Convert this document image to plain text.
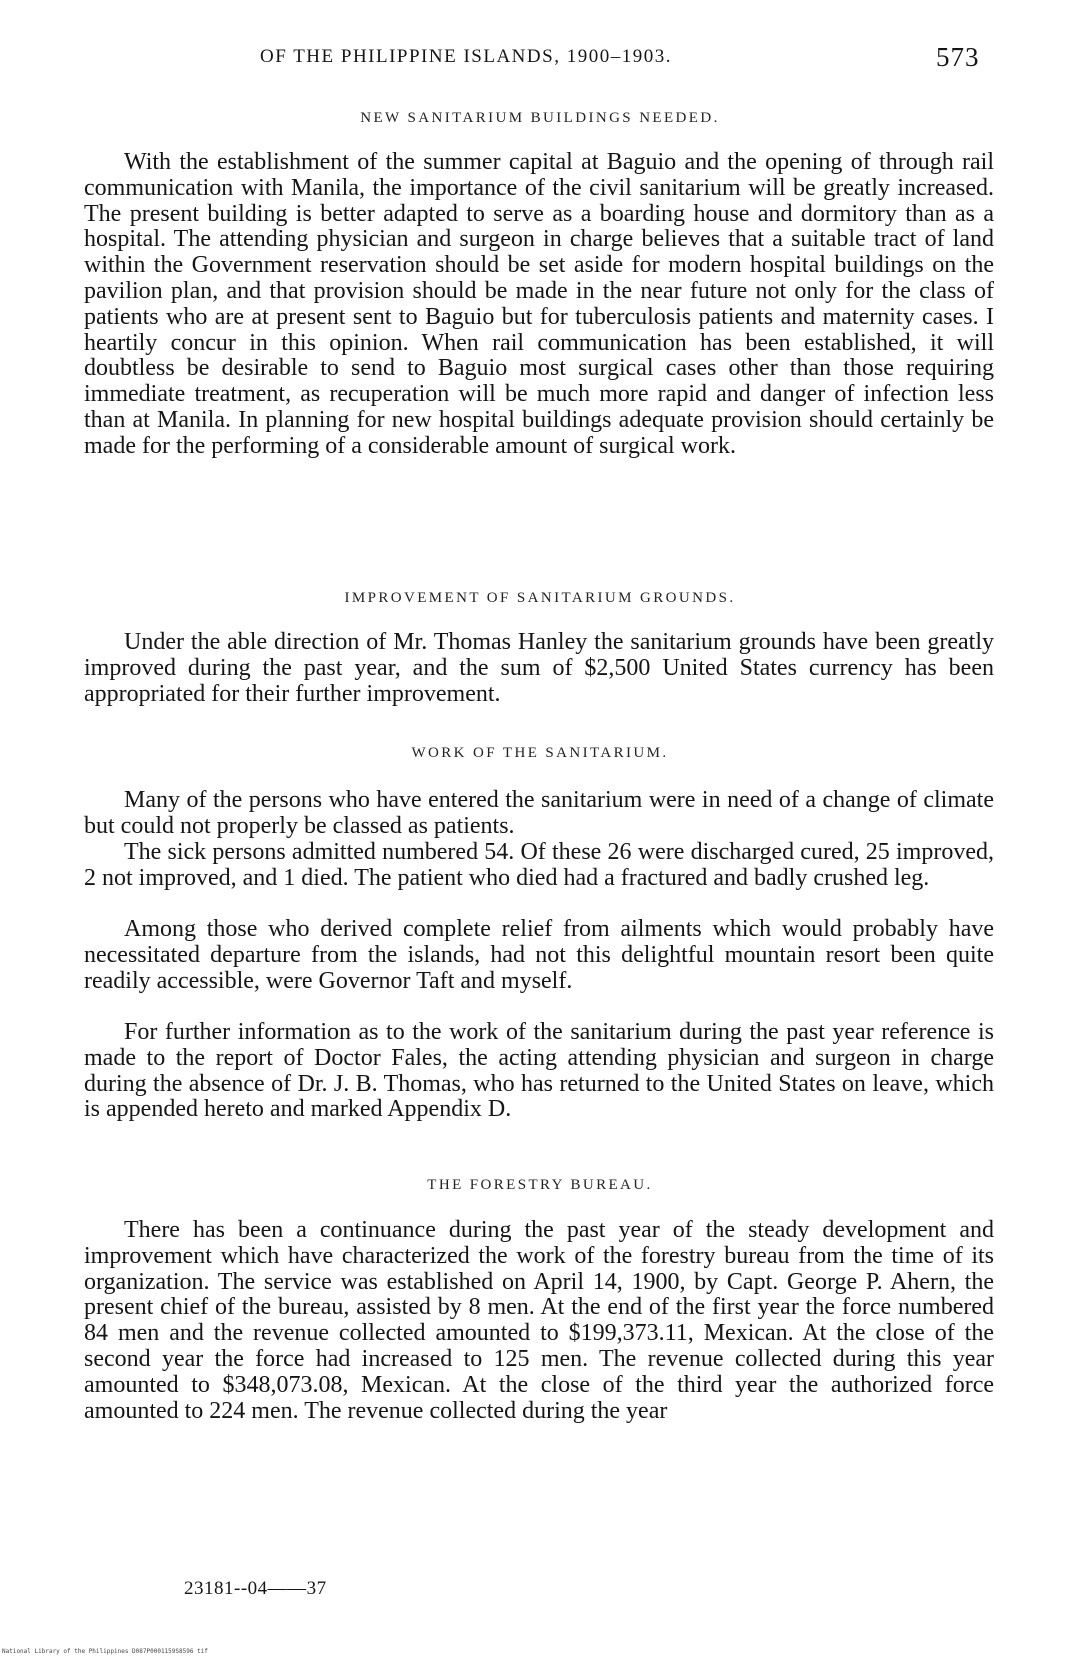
OF THE PHILIPPINE ISLANDS, 1900–1903.	573
NEW SANITARIUM BUILDINGS NEEDED.

With the establishment of the summer capital at Baguio and the opening of through rail communication with Manila, the importance of the civil sanitarium will be greatly increased. The present building is better adapted to serve as a boarding house and dormitory than as a hospital. The attending physician and surgeon in charge believes that a suitable tract of land within the Government reservation should be set aside for modern hospital buildings on the pavilion plan, and that provision should be made in the near future not only for the class of patients who are at present sent to Baguio but for tuberculosis patients and maternity cases. I heartily concur in this opinion. When rail communication has been established, it will doubtless be desirable to send to Baguio most surgical cases other than those requiring immediate treatment, as recuperation will be much more rapid and danger of infection less than at Manila. In planning for new hospital buildings adequate provision should certainly be made for the performing of a considerable amount of surgical work.

IMPROVEMENT OF SANITARIUM GROUNDS.

Under the able direction of Mr. Thomas Hanley the sanitarium grounds have been greatly improved during the past year, and the sum of $2,500 United States currency has been appropriated for their further improvement.

WORK OF THE SANITARIUM.

Many of the persons who have entered the sanitarium were in need of a change of climate but could not properly be classed as patients.

The sick persons admitted numbered 54. Of these 26 were discharged cured, 25 improved, 2 not improved, and 1 died. The patient who died had a fractured and badly crushed leg.

Among those who derived complete relief from ailments which would probably have necessitated departure from the islands, had not this delightful mountain resort been quite readily accessible, were Governor Taft and myself.

For further information as to the work of the sanitarium during the past year reference is made to the report of Doctor Fales, the acting attending physician and surgeon in charge during the absence of Dr. J. B. Thomas, who has returned to the United States on leave, which is appended hereto and marked Appendix D.

THE FORESTRY BUREAU.

There has been a continuance during the past year of the steady development and improvement which have characterized the work of the forestry bureau from the time of its organization. The service was established on April 14, 1900, by Capt. George P. Ahern, the present chief of the bureau, assisted by 8 men. At the end of the first year the force numbered 84 men and the revenue collected amounted to $199,373.11, Mexican. At the close of the second year the force had increased to 125 men. The revenue collected during this year amounted to $348,073.08, Mexican. At the close of the third year the authorized force amounted to 224 men. The revenue collected during the year

23181--04——37
National Library of the Philippines D087P0001159S8596 tif
